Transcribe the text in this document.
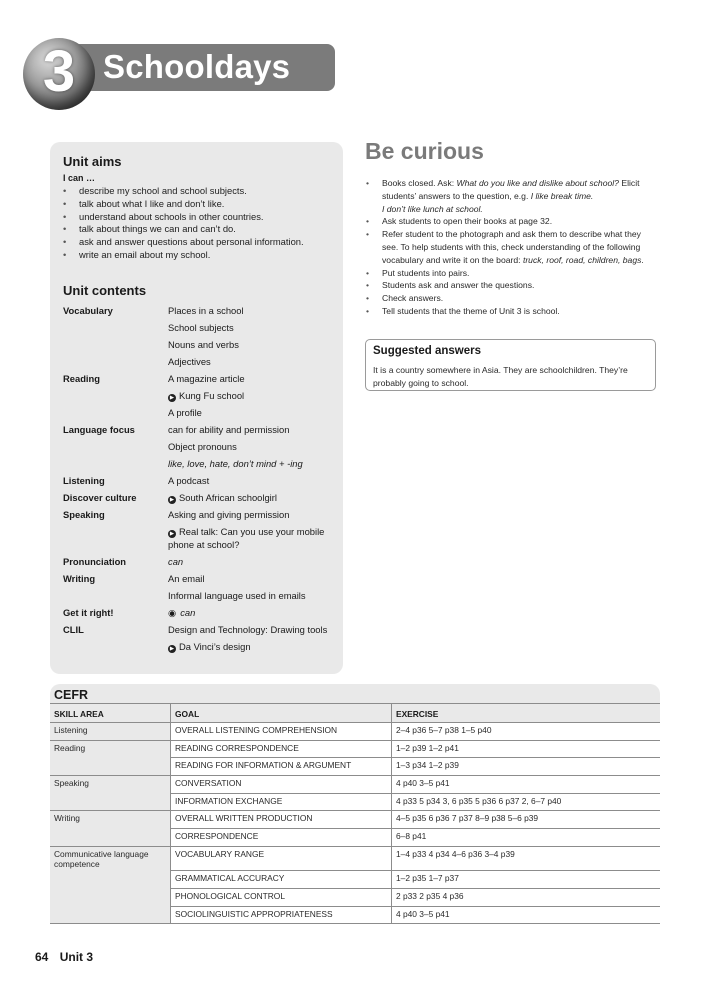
3 Schooldays
Unit aims
I can …
• describe my school and school subjects.
• talk about what I like and don’t like.
• understand about schools in other countries.
• talk about things we can and can’t do.
• ask and answer questions about personal information.
• write an email about my school.
Unit contents
Vocabulary	Places in a school
	School subjects
	Nouns and verbs
	Adjectives
Reading	A magazine article
	▶ Kung Fu school
	A profile
Language focus	can for ability and permission
	Object pronouns
	like, love, hate, don’t mind + -ing
Listening	A podcast
Discover culture	▶ South African schoolgirl
Speaking	Asking and giving permission
	▶ Real talk: Can you use your mobile phone at school?
Pronunciation	can
Writing	An email
	Informal language used in emails
Get it right!	◉ can
CLIL	Design and Technology: Drawing tools
	▶ Da Vinci’s design
Be curious
• Books closed. Ask: What do you like and dislike about school? Elicit students’ answers to the question, e.g. I like break time.
I don’t like lunch at school.
• Ask students to open their books at page 32.
• Refer student to the photograph and ask them to describe what they see. To help students with this, check understanding of the following vocabulary and write it on the board: truck, roof, road, children, bags.
• Put students into pairs.
• Students ask and answer the questions.
• Check answers.
• Tell students that the theme of Unit 3 is school.
Suggested answers

It is a country somewhere in Asia. They are schoolchildren. They’re probably going to school.

CEFR
SKILL AREA	GOAL	EXERCISE
Listening	OVERALL LISTENING COMPREHENSION	2–4 p36 5–7 p38 1–5 p40
Reading	READING CORRESPONDENCE	1–2 p39 1–2 p41
	READING FOR INFORMATION & ARGUMENT	1–3 p34 1–2 p39
Speaking	CONVERSATION	4 p40 3–5 p41
	INFORMATION EXCHANGE	4 p33 5 p34 3, 6 p35 5 p36 6 p37 2, 6–7 p40
Writing	OVERALL WRITTEN PRODUCTION	4–5 p35 6 p36 7 p37 8–9 p38 5–6 p39
	CORRESPONDENCE	6–8 p41
Communicative language competence	VOCABULARY RANGE	1–4 p33 4 p34 4–6 p36 3–4 p39
	GRAMMATICAL ACCURACY	1–2 p35 1–7 p37
	PHONOLOGICAL CONTROL	2 p33 2 p35 4 p36
	SOCIOLINGUISTIC APPROPRIATENESS	4 p40 3–5 p41
64 Unit 3
